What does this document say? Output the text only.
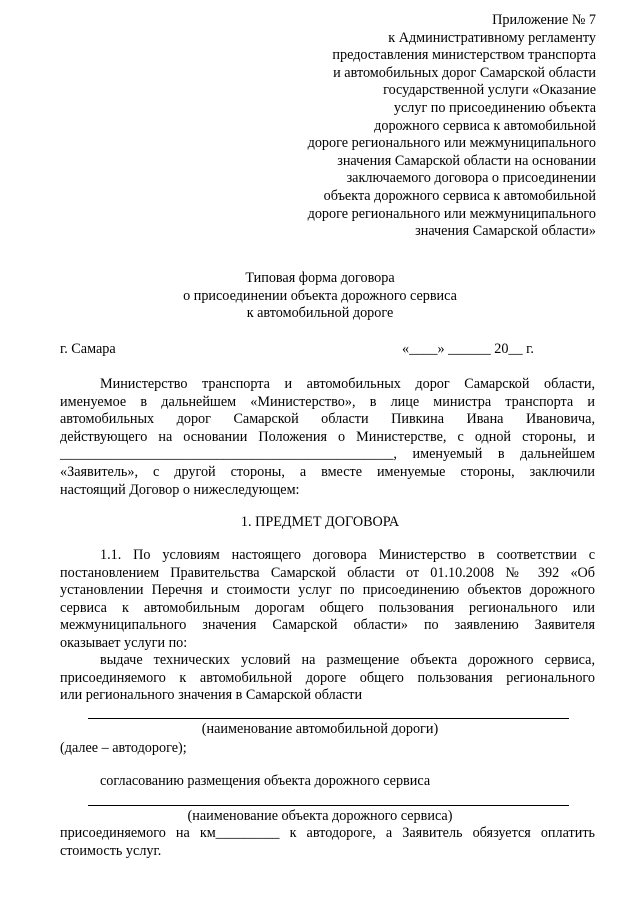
Приложение № 7
к Административному регламенту
предоставления министерством транспорта
и автомобильных дорог Самарской области
государственной услуги «Оказание
услуг по присоединению объекта
дорожного сервиса к автомобильной
дороге регионального или межмуниципального
значения Самарской области на основании
заключаемого договора о присоединении
объекта дорожного сервиса к автомобильной
дороге регионального или межмуниципального
значения Самарской области»
Типовая форма договора
о присоединении объекта дорожного сервиса
к автомобильной дороге
г. Самара	«____» ______ 20__ г.
Министерство транспорта и автомобильных дорог Самарской области,
именуемое в дальнейшем «Министерство», в лице министра транспорта и
автомобильных дорог Самарской области Пивкина Ивана Ивановича,
действующего на основании Положения о Министерстве, с одной стороны, и
_______________________________________________, именуемый в дальнейшем
«Заявитель», с другой стороны, а вместе именуемые стороны, заключили
настоящий Договор о нижеследующем:
1. ПРЕДМЕТ ДОГОВОРА
1.1. По условиям настоящего договора Министерство в соответствии с
постановлением Правительства Самарской области от 01.10.2008 № 392 «Об
установлении Перечня и стоимости услуг по присоединению объектов дорожного
сервиса к автомобильным дорогам общего пользования регионального или
межмуниципального значения Самарской области» по заявлению Заявителя
оказывает услуги по:
выдаче технических условий на размещение объекта дорожного сервиса,
присоединяемого к автомобильной дороге общего пользования регионального
или регионального значения в Самарской области
(наименование автомобильной дороги)
(далее – автодороге);
согласованию размещения объекта дорожного сервиса
(наименование объекта дорожного сервиса)
присоединяемого на км_________ к автодороге, а Заявитель обязуется оплатить
стоимость услуг.
